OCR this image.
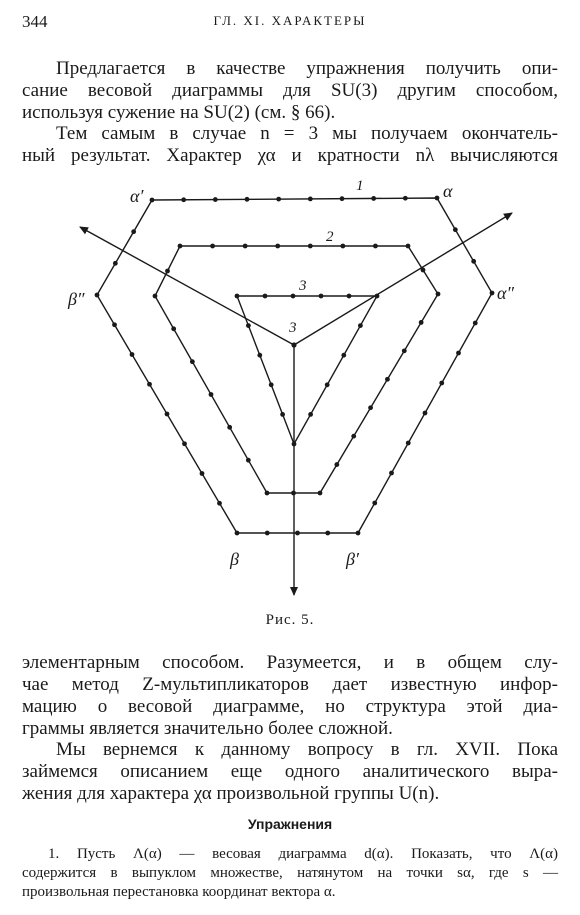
344	ГЛ. XI. ХАРАКТЕРЫ
Предлагается в качестве упражнения получить опи-
сание весовой диаграммы для SU(3) другим способом,
используя сужение на SU(2) (см. § 66).
Тем самым в случае n = 3 мы получаем окончатель-
ный результат. Характер χα и кратности nλ вычисляются
α′	α
α″
β″
β	β′
1
2
3
3
Рис. 5.
элементарным способом. Разумеется, и в общем слу-
чае метод Z-мультипликаторов дает известную инфор-
мацию о весовой диаграмме, но структура этой диа-
граммы является значительно более сложной.
Мы вернемся к данному вопросу в гл. XVII. Пока
займемся описанием еще одного аналитического выра-
жения для характера χα произвольной группы U(n).
Упражнения
1. Пусть Λ(α) — весовая диаграмма d(α). Показать, что Λ(α)
содержится в выпуклом множестве, натянутом на точки sα, где s —
произвольная перестановка координат вектора α.
